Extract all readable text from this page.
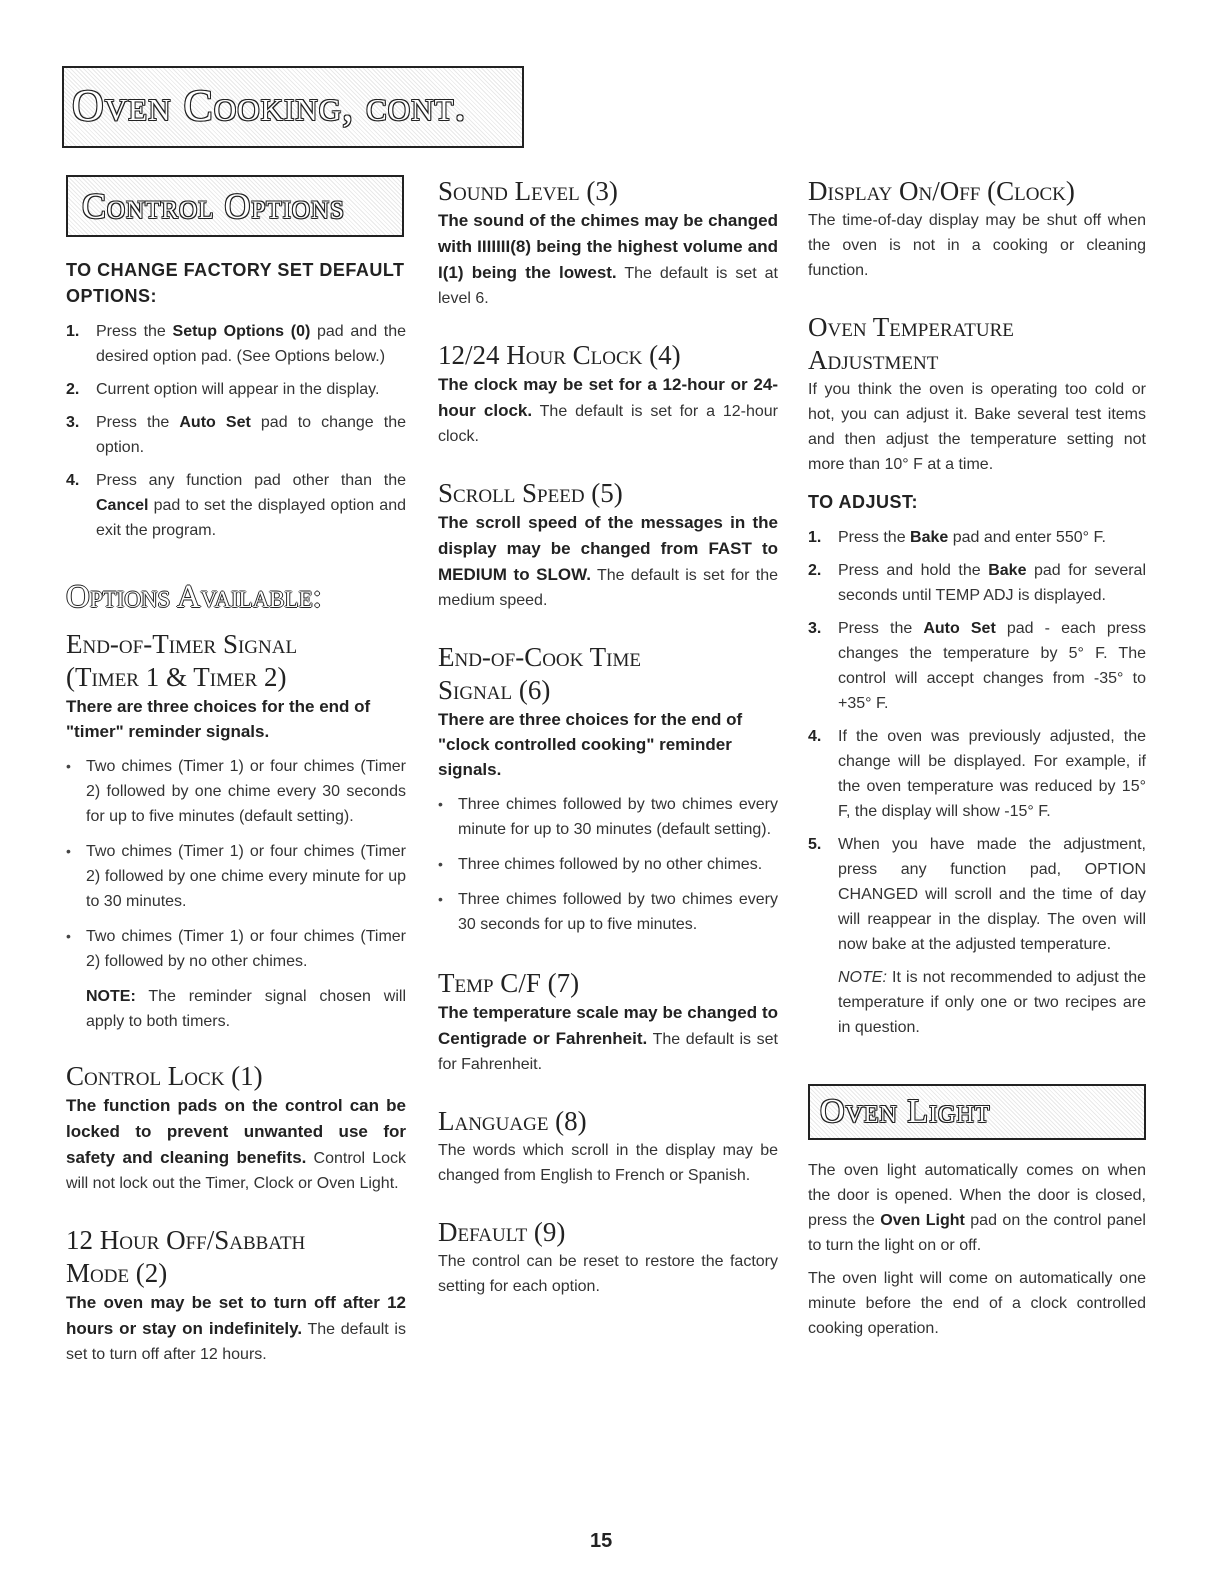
Oven Cooking, cont.
Control Options

TO CHANGE FACTORY SET DEFAULT OPTIONS:

1.	Press the Setup Options (0) pad and the desired option pad. (See Options below.)
2.	Current option will appear in the display.
3.	Press the Auto Set pad to change the option.
4.	Press any function pad other than the Cancel pad to set the displayed option and exit the program.
Options Available:
End-of-Timer Signal
(Timer 1 & Timer 2)

There are three choices for the end of "timer" reminder signals.

• Two chimes (Timer 1) or four chimes (Timer 2) followed by one chime every 30 seconds for up to five minutes (default setting).
• Two chimes (Timer 1) or four chimes (Timer 2) followed by one chime every minute for up to 30 minutes.
• Two chimes (Timer 1) or four chimes (Timer 2) followed by no other chimes.

NOTE: The reminder signal chosen will apply to both timers.

Control Lock (1)

The function pads on the control can be locked to prevent unwanted use for safety and cleaning benefits. Control Lock will not lock out the Timer, Clock or Oven Light.

12 Hour Off/Sabbath
Mode (2)

The oven may be set to turn off after 12 hours or stay on indefinitely. The default is set to turn off after 12 hours.

Sound Level (3)

The sound of the chimes may be changed with IIIIIII(8) being the highest volume and I(1) being the lowest. The default is set at level 6.

12/24 Hour Clock (4)

The clock may be set for a 12-hour or 24-hour clock. The default is set for a 12-hour clock.

Scroll Speed (5)

The scroll speed of the messages in the display may be changed from FAST to MEDIUM to SLOW. The default is set for the medium speed.

End-of-Cook Time
Signal (6)

There are three choices for the end of "clock controlled cooking" reminder signals.

• Three chimes followed by two chimes every minute for up to 30 minutes (default setting).
• Three chimes followed by no other chimes.
• Three chimes followed by two chimes every 30 seconds for up to five minutes.
Temp C/F (7)

The temperature scale may be changed to Centigrade or Fahrenheit. The default is set for Fahrenheit.

Language (8)

The words which scroll in the display may be changed from English to French or Spanish.

Default (9)

The control can be reset to restore the factory setting for each option.

Display On/Off (Clock)

The time-of-day display may be shut off when the oven is not in a cooking or cleaning function.

Oven Temperature
Adjustment

If you think the oven is operating too cold or hot, you can adjust it. Bake several test items and then adjust the temperature setting not more than 10° F at a time.

TO ADJUST:

1.	Press the Bake pad and enter 550° F.
2.	Press and hold the Bake pad for several seconds until TEMP ADJ is displayed.
3.	Press the Auto Set pad - each press changes the temperature by 5° F. The control will accept changes from -35° to +35° F.
4.	If the oven was previously adjusted, the change will be displayed. For example, if the oven temperature was reduced by 15° F, the display will show -15° F.
5.	When you have made the adjustment, press any function pad, OPTION CHANGED will scroll and the time of day will reappear in the display. The oven will now bake at the adjusted temperature.

NOTE: It is not recommended to adjust the temperature if only one or two recipes are in question.

Oven Light

The oven light automatically comes on when the door is opened. When the door is closed, press the Oven Light pad on the control panel to turn the light on or off.

The oven light will come on automatically one minute before the end of a clock controlled cooking operation.

15
